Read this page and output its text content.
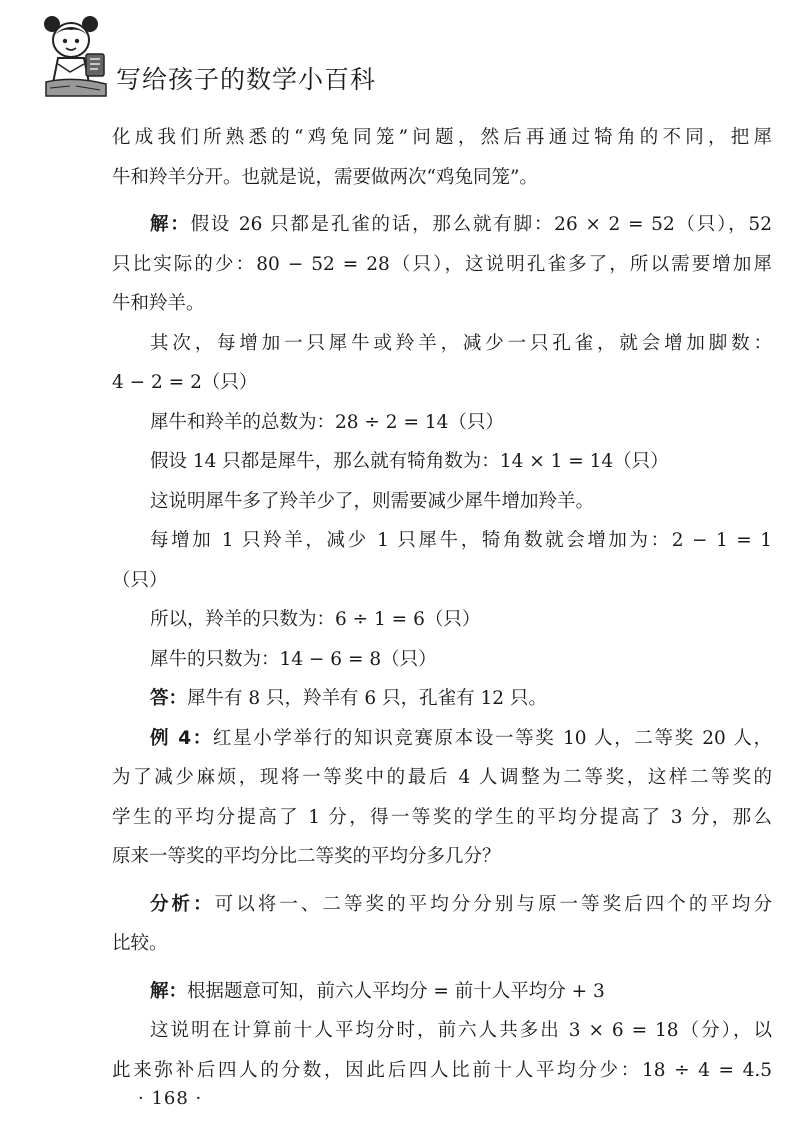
写给孩子的数学小百科
化成我们所熟悉的“鸡兔同笼”问题，然后再通过犄角的不同，把犀
牛和羚羊分开。也就是说，需要做两次“鸡兔同笼”。
解：假设 26 只都是孔雀的话，那么就有脚：26 × 2 = 52（只），52
只比实际的少：80 − 52 = 28（只），这说明孔雀多了，所以需要增加犀
牛和羚羊。
其次，每增加一只犀牛或羚羊，减少一只孔雀，就会增加脚数：
4 − 2 = 2（只）
犀牛和羚羊的总数为：28 ÷ 2 = 14（只）
假设 14 只都是犀牛，那么就有犄角数为：14 × 1 = 14（只）
这说明犀牛多了羚羊少了，则需要减少犀牛增加羚羊。
每增加 1 只羚羊，减少 1 只犀牛，犄角数就会增加为：2 − 1 = 1
（只）
所以，羚羊的只数为：6 ÷ 1 = 6（只）
犀牛的只数为：14 − 6 = 8（只）
答：犀牛有 8 只，羚羊有 6 只，孔雀有 12 只。
例 4：红星小学举行的知识竞赛原本设一等奖 10 人，二等奖 20 人，
为了减少麻烦，现将一等奖中的最后 4 人调整为二等奖，这样二等奖的
学生的平均分提高了 1 分，得一等奖的学生的平均分提高了 3 分，那么
原来一等奖的平均分比二等奖的平均分多几分？
分析：可以将一、二等奖的平均分分别与原一等奖后四个的平均分
比较。
解：根据题意可知，前六人平均分 = 前十人平均分 + 3
这说明在计算前十人平均分时，前六人共多出 3 × 6 = 18（分），以
此来弥补后四人的分数，因此后四人比前十人平均分少：18 ÷ 4 = 4.5
· 168 ·
